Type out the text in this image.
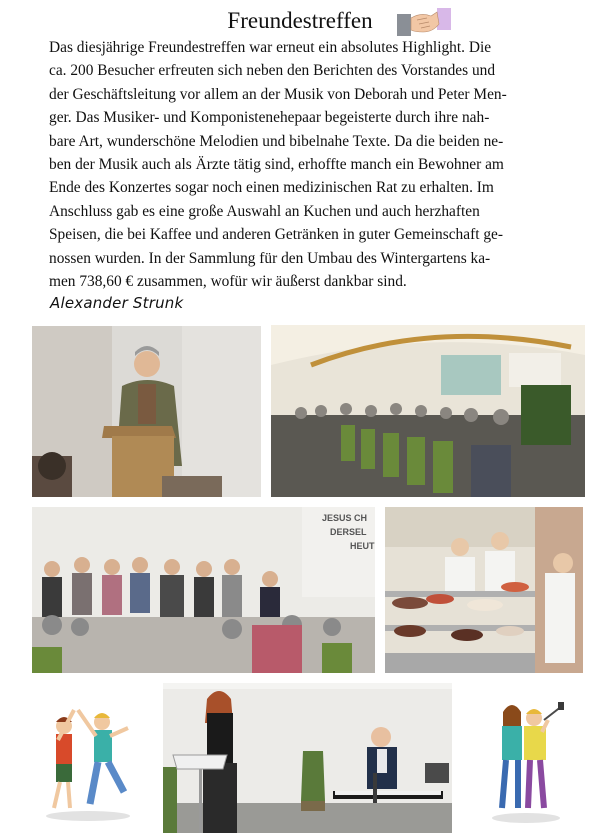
Freundestreffen
Das diesjährige Freundestreffen war erneut ein absolutes Highlight. Die
ca. 200 Besucher erfreuten sich neben den Berichten des Vorstandes und
der Geschäftsleitung vor allem an der Musik von Deborah und Peter Men-
ger. Das Musiker- und Komponistenehepaar begeisterte durch ihre nah-
bare Art, wunderschöne Melodien und bibelnahe Texte. Da die beiden ne-
ben der Musik auch als Ärzte tätig sind, erhoffte manch ein Bewohner am
Ende des Konzertes sogar noch einen medizinischen Rat zu erhalten. Im
Anschluss gab es eine große Auswahl an Kuchen und auch herzhaften
Speisen, die bei Kaffee und anderen Getränken in guter Gemeinschaft ge-
nossen wurden. In der Sammlung für den Umbau des Wintergartens ka-
men 738,60 € zusammen, wofür wir äußerst dankbar sind.
Alexander Strunk
JESUS CH
DERSEL
HEUT
